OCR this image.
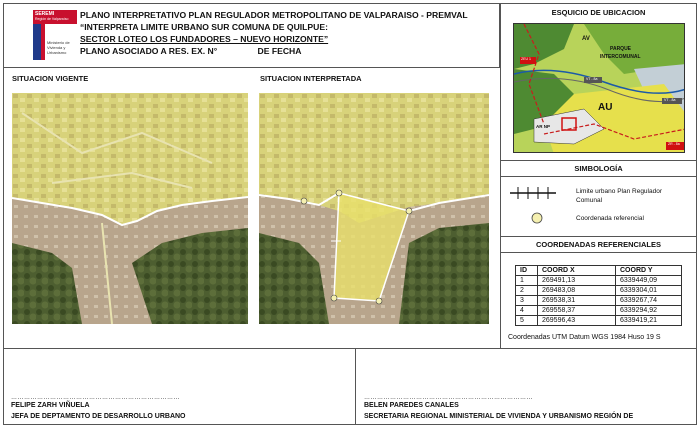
SEREMI
Región de Valparaíso
Ministerio de Vivienda y Urbanismo
PLANO INTERPRETATIVO PLAN REGULADOR METROPOLITANO DE VALPARAISO - PREMVAL
“INTERPRETA LIMITE URBANO SUR COMUNA DE QUILPUE:
SECTOR LOTEO LOS FUNDADORES – NUEVO HORIZONTE”
PLANO ASOCIADO A RES. EX. N°	DE FECHA
SITUACION VIGENTE	SITUACION INTERPRETADA
ESQUICIO DE UBICACION
AV
PARQUE
INTERCOMUNAL
AU
AR NP
ZEU 1
VT - 8a
VT - 8a
ZR - 8a
SIMBOLOGÍA
Limite urbano Plan Regulador Comunal
Coordenada referencial
COORDENADAS REFERENCIALES
ID	COORD X	COORD Y
1	269491,13	6339449,09
2	269483,08	6339304,01
3	269538,31	6339267,74
4	269558,37	6339294,92
5	269596,43	6339419,21
Coordenadas UTM Datum WGS 1984 Huso 19 S
……………………………………………………………………
FELIPE ZARH VIÑUELA
JEFA DE DEPTAMENTO DE DESARROLLO URBANO
……………………………………………………………………
BELEN PAREDES CANALES
SECRETARIA REGIONAL MINISTERIAL DE VIVIENDA Y URBANISMO REGIÓN DE
